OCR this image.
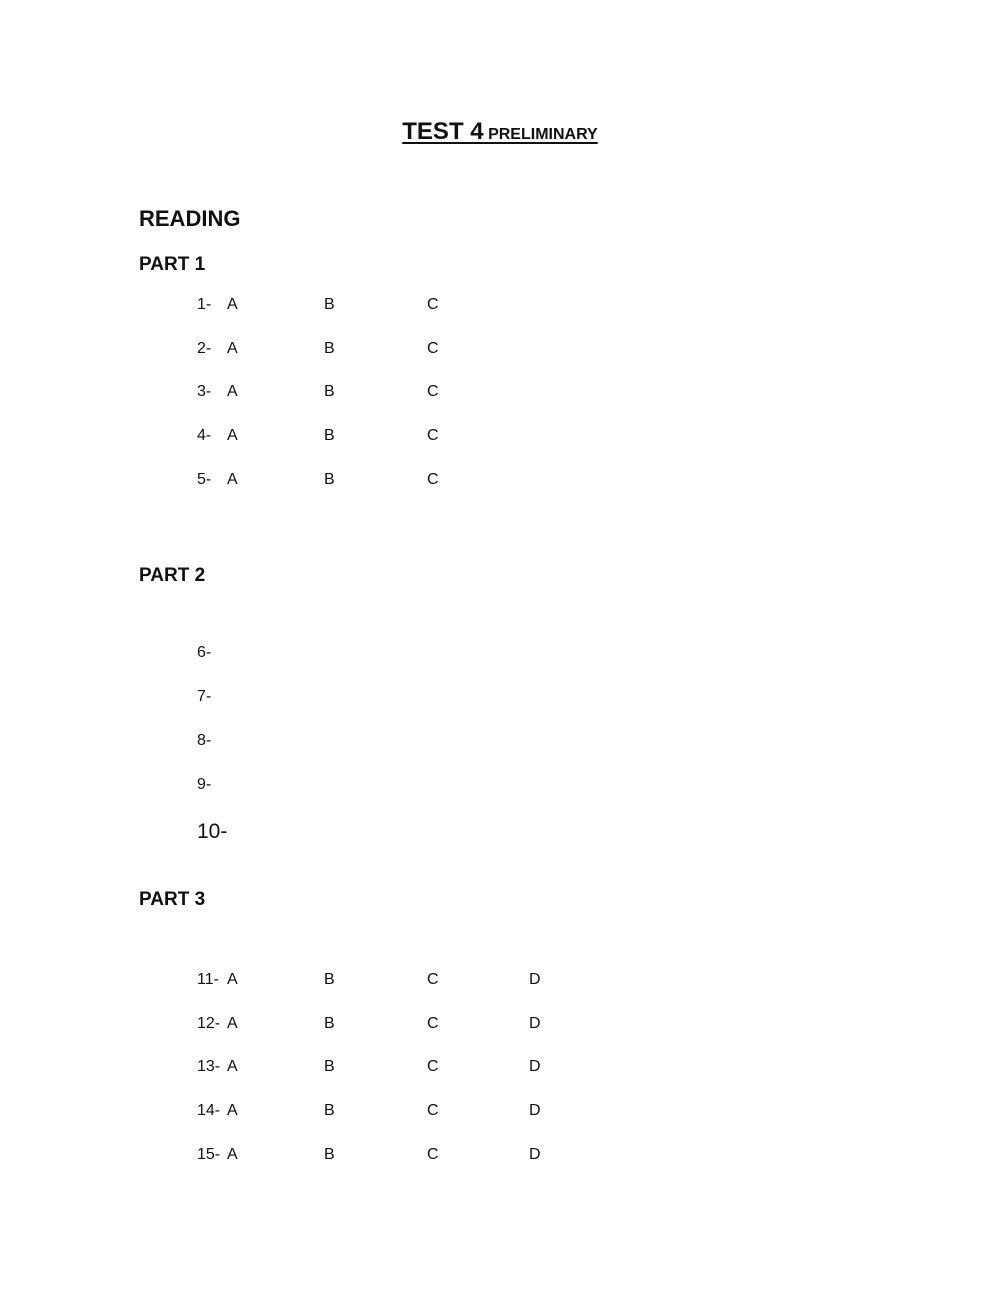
TEST 4 PRELIMINARY
READING
PART 1
1- A	B	C
2- A	B	C
3- A	B	C
4- A	B	C
5- A	B	C
PART 2
6-
7-
8-
9-
10-
PART 3
11- A	B	C	D
12- A	B	C	D
13- A	B	C	D
14- A	B	C	D
15- A	B	C	D
